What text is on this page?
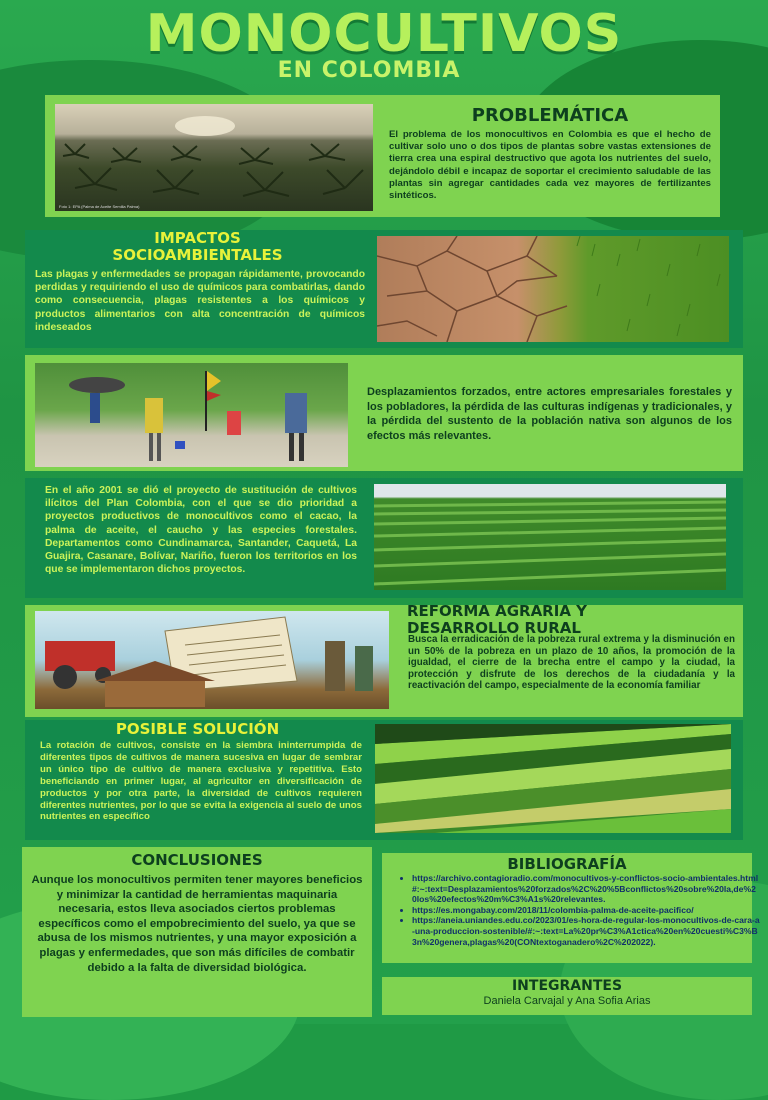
MONOCULTIVOS
EN COLOMBIA
Foto 1: EPA (Palma de Aceite Semilla Palma)
PROBLEMÁTICA

El problema de los monocultivos en Colombia es que el hecho de cultivar solo uno o dos tipos de plantas sobre vastas extensiones de tierra crea una espiral destructivo que agota los nutrientes del suelo, dejándolo débil e incapaz de soportar el crecimiento saludable de las plantas sin agregar cantidades cada vez mayores de fertilizantes sintéticos.

IMPACTOS
SOCIOAMBIENTALES

Las plagas y enfermedades se propagan rápidamente, provocando perdidas y requiriendo el uso de químicos para combatirlas, dando como consecuencia, plagas resistentes a los químicos y productos alimentarios con alta concentración de químicos indeseados

Desplazamientos forzados, entre actores empresariales forestales y los pobladores, la pérdida de las culturas indígenas y tradicionales, y la pérdida del sustento de la población nativa son algunos de los efectos más relevantes.

En el año 2001 se dió el proyecto de sustitución de cultivos ilícitos del Plan Colombia, con el que se dio prioridad a proyectos productivos de monocultivos como el cacao, la palma de aceite, el caucho y las especies forestales. Departamentos como Cundinamarca, Santander, Caquetá, La Guajira, Casanare, Bolívar, Nariño, fueron los territorios en los que se implementaron dichos proyectos.

REFORMA AGRARIA Y
DESARROLLO RURAL

Busca la erradicación de la pobreza rural extrema y la disminución en un 50% de la pobreza en un plazo de 10 años, la promoción de la igualdad, el cierre de la brecha entre el campo y la ciudad, la protección y disfrute de los derechos de la ciudadanía y la reactivación del campo, especialmente de la economía familiar

POSIBLE SOLUCIÓN

La rotación de cultivos, consiste en la siembra ininterrumpida de diferentes tipos de cultivos de manera sucesiva en lugar de sembrar un único tipo de cultivo de manera exclusiva y repetitiva. Esto beneficiando en primer lugar, al agricultor en diversificación de productos y por otra parte, la diversidad de cultivos requieren diferentes nutrientes, por lo que se evita la exigencia al suelo de unos nutrientes en específico

CONCLUSIONES

Aunque los monocultivos permiten tener mayores beneficios y minimizar la cantidad de herramientas maquinaria necesaria, estos lleva asociados ciertos problemas específicos como el empobrecimiento del suelo, ya que se abusa de los mismos nutrientes, y una mayor exposición a plagas y enfermedades, que son más difíciles de combatir debido a la falta de diversidad biológica.

BIBLIOGRAFÍA
• https://archivo.contagioradio.com/monocultivos-y-conflictos-socio-ambientales.html#:~:text=Desplazamientos%20forzados%2C%20%5Bconflictos%20sobre%20la,de%20los%20efectos%20m%C3%A1s%20relevantes.
• https://es.mongabay.com/2018/11/colombia-palma-de-aceite-pacifico/
• https://aneia.uniandes.edu.co/2023/01/es-hora-de-regular-los-monocultivos-de-cara-a-una-produccion-sostenible/#:~:text=La%20pr%C3%A1ctica%20en%20cuesti%C3%B3n%20genera,plagas%20(CONtextoganadero%2C%202022).
INTEGRANTES
Daniela Carvajal y Ana Sofia Arias
